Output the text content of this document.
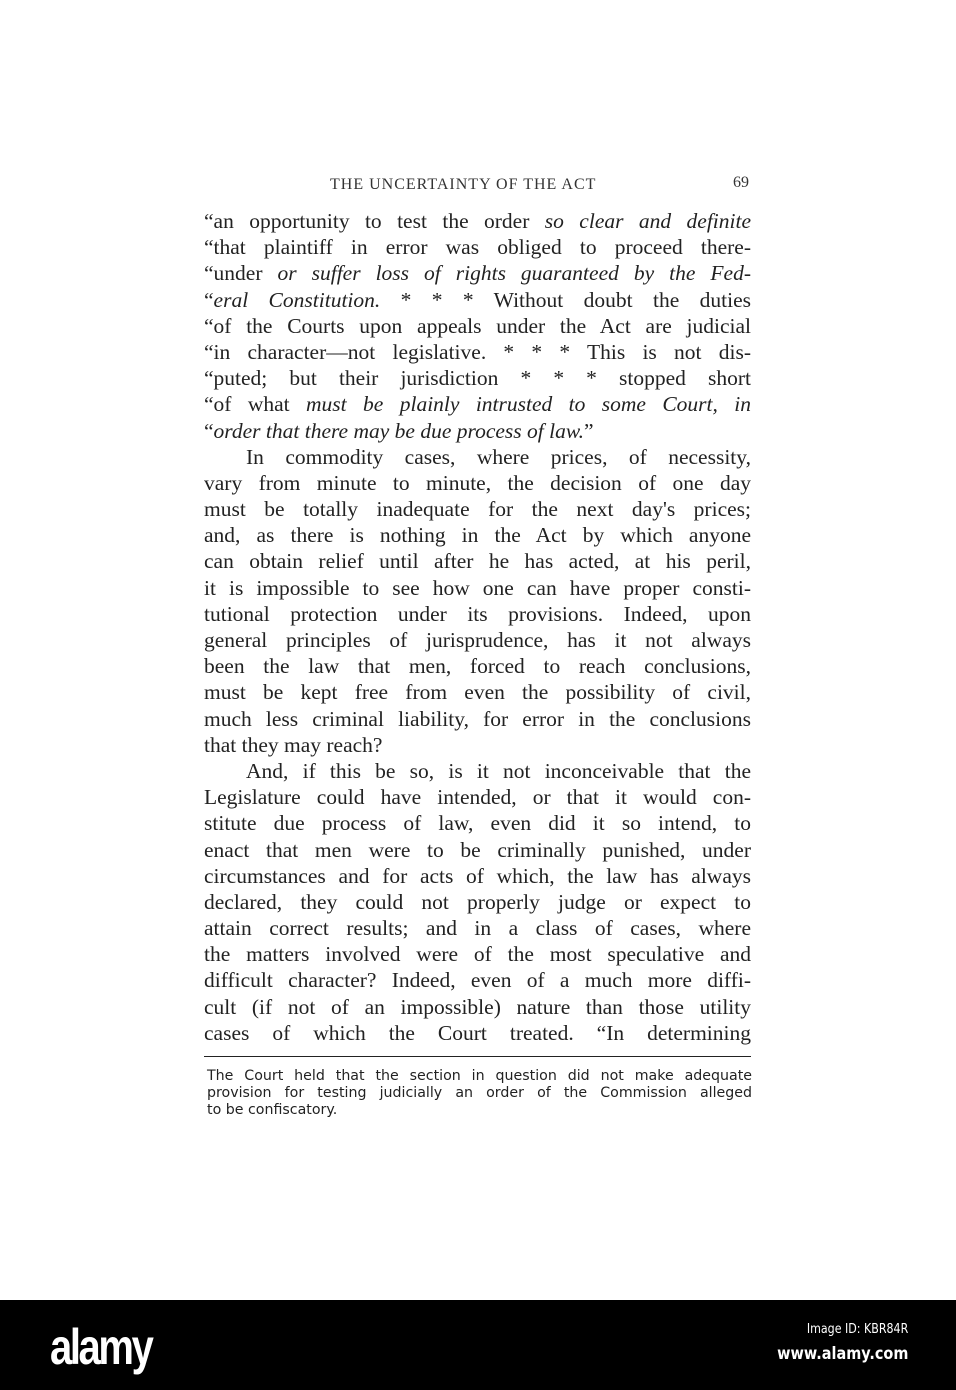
THE UNCERTAINTY OF THE ACT	69
“an opportunity to test the order so clear and definite
“that plaintiff in error was obliged to proceed there-
“under or suffer loss of rights guaranteed by the Fed-
“eral Constitution. * * * Without doubt the duties
“of the Courts upon appeals under the Act are judicial
“in character—not legislative. * * * This is not dis-
“puted; but their jurisdiction * * * stopped short
“of what must be plainly intrusted to some Court, in
“order that there may be due process of law.”
In commodity cases, where prices, of necessity,
vary from minute to minute, the decision of one day
must be totally inadequate for the next day's prices;
and, as there is nothing in the Act by which anyone
can obtain relief until after he has acted, at his peril,
it is impossible to see how one can have proper consti-
tutional protection under its provisions. Indeed, upon
general principles of jurisprudence, has it not always
been the law that men, forced to reach conclusions,
must be kept free from even the possibility of civil,
much less criminal liability, for error in the conclusions
that they may reach?
And, if this be so, is it not inconceivable that the
Legislature could have intended, or that it would con-
stitute due process of law, even did it so intend, to
enact that men were to be criminally punished, under
circumstances and for acts of which, the law has always
declared, they could not properly judge or expect to
attain correct results; and in a class of cases, where
the matters involved were of the most speculative and
difficult character? Indeed, even of a much more diffi-
cult (if not of an impossible) nature than those utility
cases of which the Court treated. “In determining
The Court held that the section in question did not make adequate
provision for testing judicially an order of the Commission alleged
to be confiscatory.
alamy	Image ID: KBR84R
www.alamy.com
